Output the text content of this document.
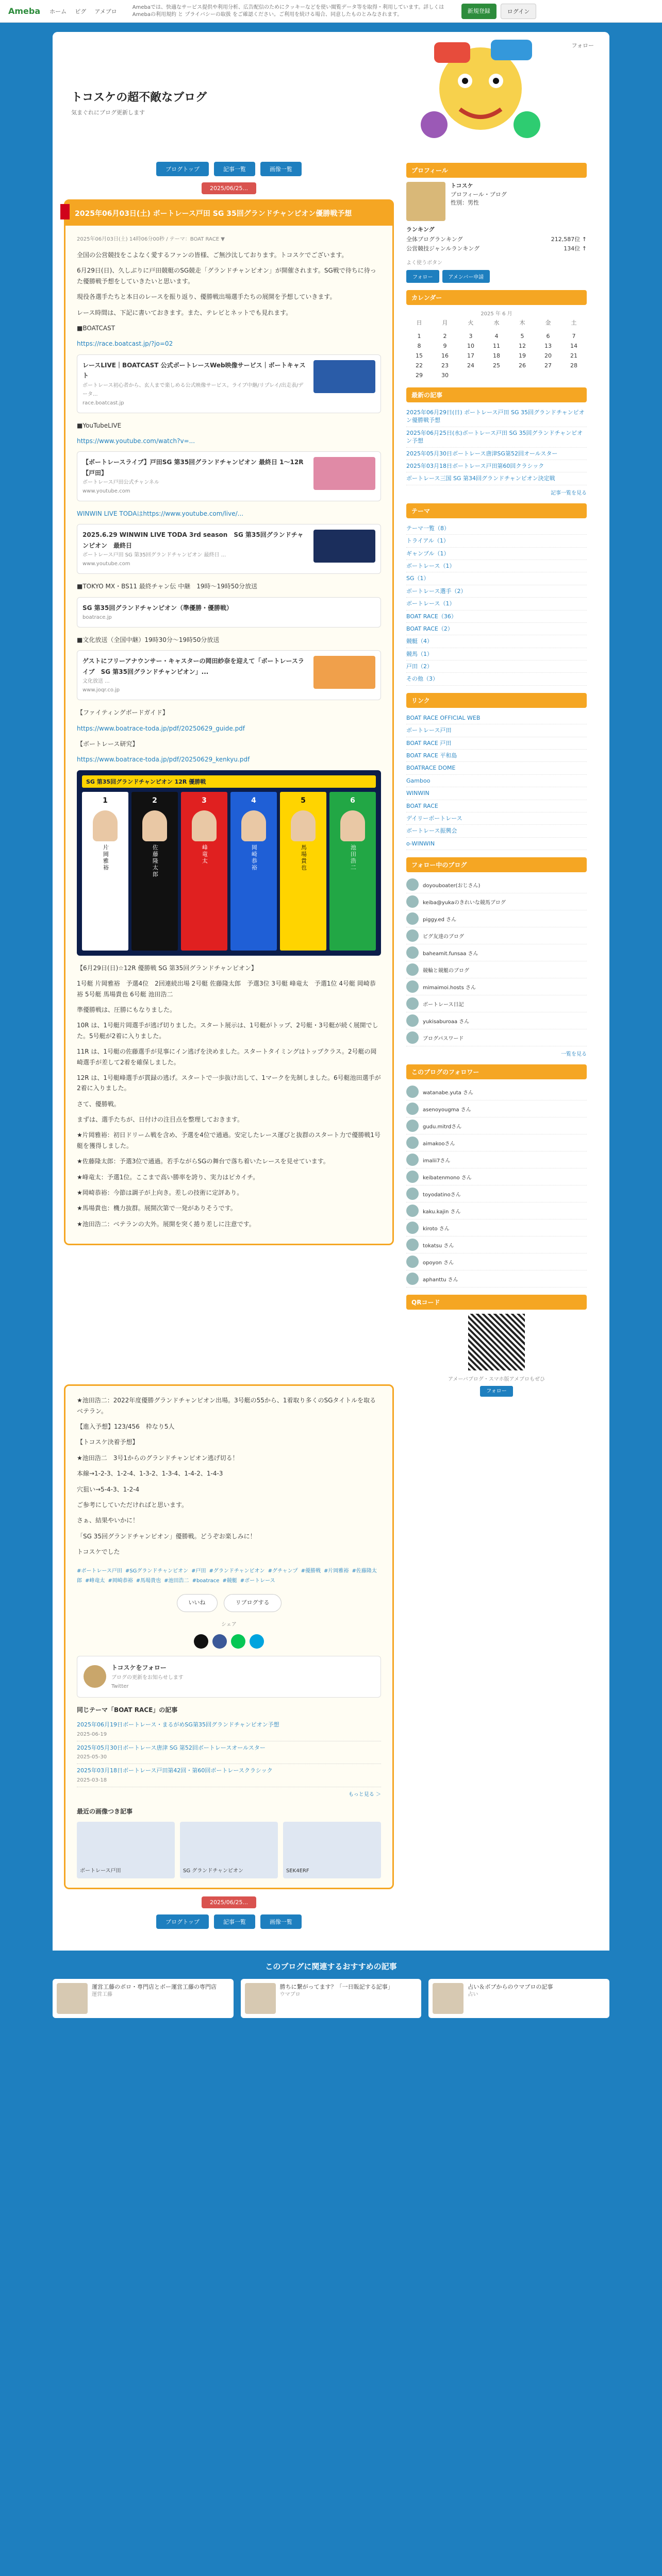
Ameba ホーム ピグ アメブロ
Amebaでは、快適なサービス提供や利用分析、広告配信のためにクッキーなどを使い閲覧データ等を取得・利用しています。詳しくは Amebaの利用規約 と プライバシーの取扱 をご確認ください。ご利用を続ける場合、同意したものとみなされます。
新規登録	ログイン
フォロー
トコスケの超不敵なブログ
気まぐれにブログ更新します
ブログトップ	記事一覧	画像一覧
2025/06/25...
2025年06月03日(土) ボートレース戸田 SG 35回グランドチャンピオン優勝戦予想
2025年06月03日(土) 14時06分00秒 / テーマ：BOAT RACE ▼

全国の公営競技をこよなく愛するファンの皆様、ご無沙汰しております。トコスケでございます。

6月29日(日)、久しぶりに戸田競艇のSG競走「グランドチャンピオン」が開催されます。SG戦で待ちに待った優勝戦予想をしていきたいと思います。

現役各選手たちと本日のレースを振り返り、優勝戦出場選手たちの展開を予想していきます。

レース時間は、下記に書いておきます。また、テレビとネットでも見れます。

■BOATCAST

https://race.boatcast.jp/?jo=02

レースLIVE｜BOATCAST 公式ボートレースWeb映像サービス｜ボートキャスト
ボートレース初心者から、玄人まで楽しめる公式映像サービス。ライブ中継/リプレイ/出走表/データ...
race.boatcast.jp

■YouTubeLIVE

https://www.youtube.com/watch?v=...

【ボートレースライブ】戸田SG 第35回グランドチャンピオン 最終日 1〜12R【戸田】
ボートレース戸田公式チャンネル
www.youtube.com

WINWIN LIVE TODAはhttps://www.youtube.com/live/...

2025.6.29 WINWIN LIVE TODA 3rd season　SG 第35回グランドチャンピオン　最終日
ボートレース戸田 SG 第35回グランドチャンピオン 最終日 ...
www.youtube.com

■TOKYO MX・BS11 最終チャン伝 中継　19時〜19時50分放送

SG 第35回グランドチャンピオン（準優勝・優勝戦）
boatrace.jp

■文化放送（全国中継）19時30分〜19時50分放送

ゲストにフリーアナウンサー・キャスターの岡田紗奈を迎えて「ボートレースライブ　SG 第35回グランドチャンピオン」...
文化放送 ...
www.joqr.co.jp

【ファイティングボードガイド】

https://www.boatrace-toda.jp/pdf/20250629_guide.pdf

【ボートレース研究】

https://www.boatrace-toda.jp/pdf/20250629_kenkyu.pdf

SG 第35回グランドチャンピオン 12R 優勝戦
1
片岡雅裕
2
佐藤隆太郎
3
峰竜太
4
岡崎恭裕
5
馬場貴也
6
池田浩二

【6月29日(日)☆12R 優勝戦 SG 第35回グランドチャンピオン】

1号艇 片岡雅裕　予選4位　2回連続出場 2号艇 佐藤隆太郎　予選3位 3号艇 峰竜太　予選1位 4号艇 岡崎恭裕 5号艇 馬場貴也 6号艇 池田浩二

準優勝戦は、圧勝にもなりました。

10R は、1号艇片岡選手が逃げ切りました。スタート展示は、1号艇がトップ、2号艇・3号艇が続く展開でした。5号艇が2着に入りました。

11R は、1号艇の佐藤選手が見事にイン逃げを決めました。スタートタイミングはトップクラス。2号艇の岡崎選手が差して2着を確保しました。

12R は、1号艇峰選手が貫録の逃げ。スタートで一歩抜け出して、1マークを先制しました。6号艇池田選手が2着に入りました。

さて、優勝戦。

まずは、選手たちが、日付けの注目点を整理しておきます。

★片岡雅裕：初日ドリーム戦を含め、予選を4位で通過。安定したレース運びと抜群のスタート力で優勝戦1号艇を獲得しました。

★佐藤隆太郎：予選3位で通過。若手ながらSGの舞台で落ち着いたレースを見せています。

★峰竜太：予選1位。ここまで高い勝率を誇り、実力はピカイチ。

★岡崎恭裕：今節は調子が上向き。差しの技術に定評あり。

★馬場貴也：機力抜群。展開次第で一発がありそうです。

★池田浩二：ベテランの大外。展開を突く捲り差しに注意です。

★池田浩二：2022年度優勝グランドチャンピオン出場。3号艇の55から、1着取り多くのSGタイトルを取るベテラン。

【進入予想】123/456　枠なり5人

【トコスケ決着予想】

★池田浩二　3号1からのグランドチャンピオン逃げ切る！

本線→1-2-3、1-2-4、1-3-2、1-3-4、1-4-2、1-4-3

穴狙い→5-4-3、1-2-4

ご参考にしていただければと思います。

さぁ、結果やいかに！

「SG 35回グランドチャンピオン」優勝戦。どうぞお楽しみに！

トコスケでした

#ボートレース戸田 #SGグランドチャンピオン #戸田 #グランドチャンピオン #グチャンプ #優勝戦 #片岡雅裕 #佐藤隆太郎 #峰竜太 #岡崎恭裕 #馬場貴也 #池田浩二 #boatrace #競艇 #ボートレース
いいね	リブログする
シェア
トコスケをフォロー
ブログの更新をお知らせします
Twitter
同じテーマ「BOAT RACE」の記事
2025年06月19日ボートレース・まるがめSG第35回グランドチャンピオン予想
2025-06-19
2025年05月30日ボートレース唐津 SG 第52回ボートレースオールスター
2025-05-30
2025年03月18日ボートレース戸田第42回・第60回ボートレースクラシック
2025-03-18
もっと見る ＞
最近の画像つき記事
ボートレース戸田	SG グランドチャンピオン	SEK4ERF
2025/06/25...
ブログトップ	記事一覧	画像一覧
プロフィール
トコスケ
プロフィール・ブログ
性別：男性
ランキング
全体ブログランキング	212,587位 ↑
公営競技ジャンルランキング	134位 ↑
よく使うボタン
フォロー	アメンバー申請
カレンダー
2025 年 6 月
日	月	火	水	木	金	土

1	2	3	4	5	6	7
8	9	10	11	12	13	14
15	16	17	18	19	20	21
22	23	24	25	26	27	28
29	30					
最新の記事
2025年06月29日(日) ボートレース戸田 SG 35回グランドチャンピオン優勝戦予想
2025年06月25日(水)ボートレース戸田 SG 35回グランドチャンピオン予想
2025年05月30日ボートレース唐津SG第52回オールスター
2025年03月18日ボートレース戸田第60回クラシック
ボートレース三国 SG 第34回グランドチャンピオン決定戦
記事一覧を見る
テーマ
テーマ一覧（8）
トライアル（1）
ギャンブル（1）
ボートレース（1）
SG（1）
ボートレース選手（2）
ボートレース（1）
BOAT RACE（36）
BOAT RACE（2）
競艇（4）
競馬（1）
戸田（2）
その他（3）
リンク
BOAT RACE OFFICIAL WEB
ボートレース戸田
BOAT RACE 戸田
BOAT RACE 平和島
BOATRACE DOME
Gamboo
WINWIN
BOAT RACE
デイリーボートレース
ボートレース振興会
o-WINWIN
フォロー中のブログ
doyouboater(おじさん)
keiba@yukaのきれいな競馬ブログ
piggy.ed さん
ピグ友達のブログ
baheamit.funsaa さん
競輪と競艇のブログ
mimaimoi.hosts さん
ボートレース日記
yukisaburoaa さん
ブログパスワード
一覧を見る
このブログのフォロワー
watanabe.yuta さん
asenoyougma さん
gudu.mitrdさん
aimakooさん
imalii7さん
keibatenmono さん
toyodatinoさん
kaku.kajin さん
kiroto さん
tokatsu さん
opoyon さん
aphanttu さん
QRコード
アメーバブログ・スマホ版アメブロもぜひ
フォロー
このブログに関連するおすすめの記事
運営工藤のボロ・専門店とボー運営工藤の専門店
運営工藤
勝ちに繋がってます？「一日販記する記事」
ウマブロ
占い＆ボブからのウマブロの記事
占い
